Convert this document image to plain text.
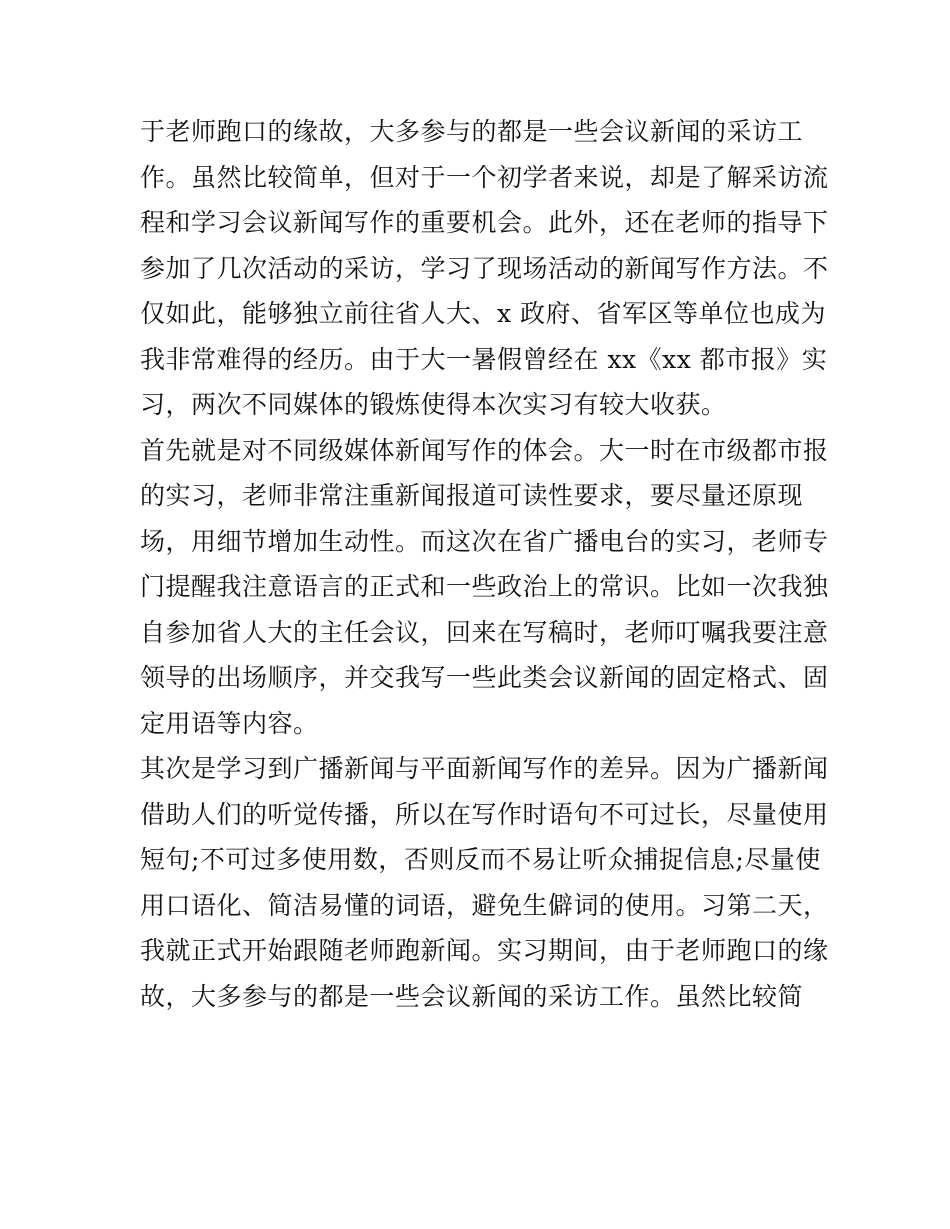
于老师跑口的缘故，大多参与的都是一些会议新闻的采访工
作。虽然比较简单，但对于一个初学者来说，却是了解采访流
程和学习会议新闻写作的重要机会。此外，还在老师的指导下
参加了几次活动的采访，学习了现场活动的新闻写作方法。不
仅如此，能够独立前往省人大、x 政府、省军区等单位也成为
我非常难得的经历。由于大一暑假曾经在 xx《xx 都市报》实
习，两次不同媒体的锻炼使得本次实习有较大收获。
首先就是对不同级媒体新闻写作的体会。大一时在市级都市报
的实习，老师非常注重新闻报道可读性要求，要尽量还原现
场，用细节增加生动性。而这次在省广播电台的实习，老师专
门提醒我注意语言的正式和一些政治上的常识。比如一次我独
自参加省人大的主任会议，回来在写稿时，老师叮嘱我要注意
领导的出场顺序，并交我写一些此类会议新闻的固定格式、固
定用语等内容。
其次是学习到广播新闻与平面新闻写作的差异。因为广播新闻
借助人们的听觉传播，所以在写作时语句不可过长，尽量使用
短句;不可过多使用数，否则反而不易让听众捕捉信息;尽量使
用口语化、简洁易懂的词语，避免生僻词的使用。习第二天，
我就正式开始跟随老师跑新闻。实习期间，由于老师跑口的缘
故，大多参与的都是一些会议新闻的采访工作。虽然比较简
